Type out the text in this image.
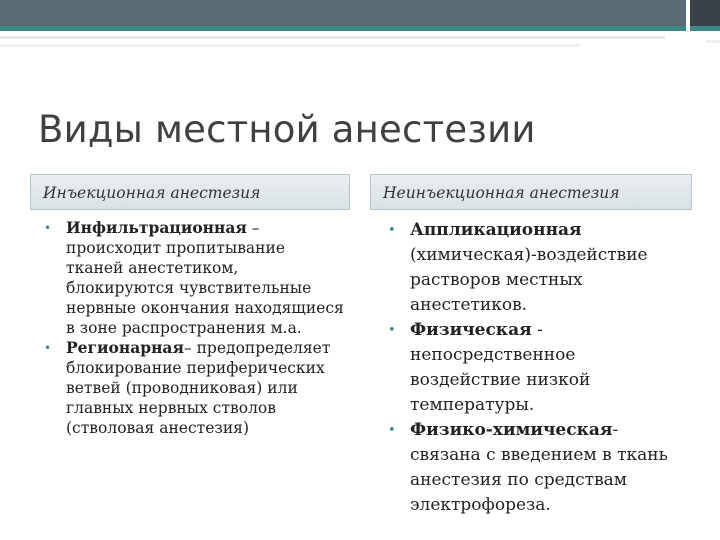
Виды местной анестезии
Инъекционная анестезия	Неинъекционная анестезия
• Инфильтрационная – происходит пропитывание тканей анестетиком, блокируются чувствительные нервные окончания находящиеся в зоне распространения м.а.
• Регионарная– предопределяет блокирование периферических ветвей (проводниковая) или главных нервных стволов (стволовая анестезия)
• Аппликационная (химическая)-воздействие растворов местных анестетиков.
• Физическая - непосредственное воздействие низкой температуры.
• Физико-химическая- связана с введением в ткань анестезия по средствам электрофореза.
